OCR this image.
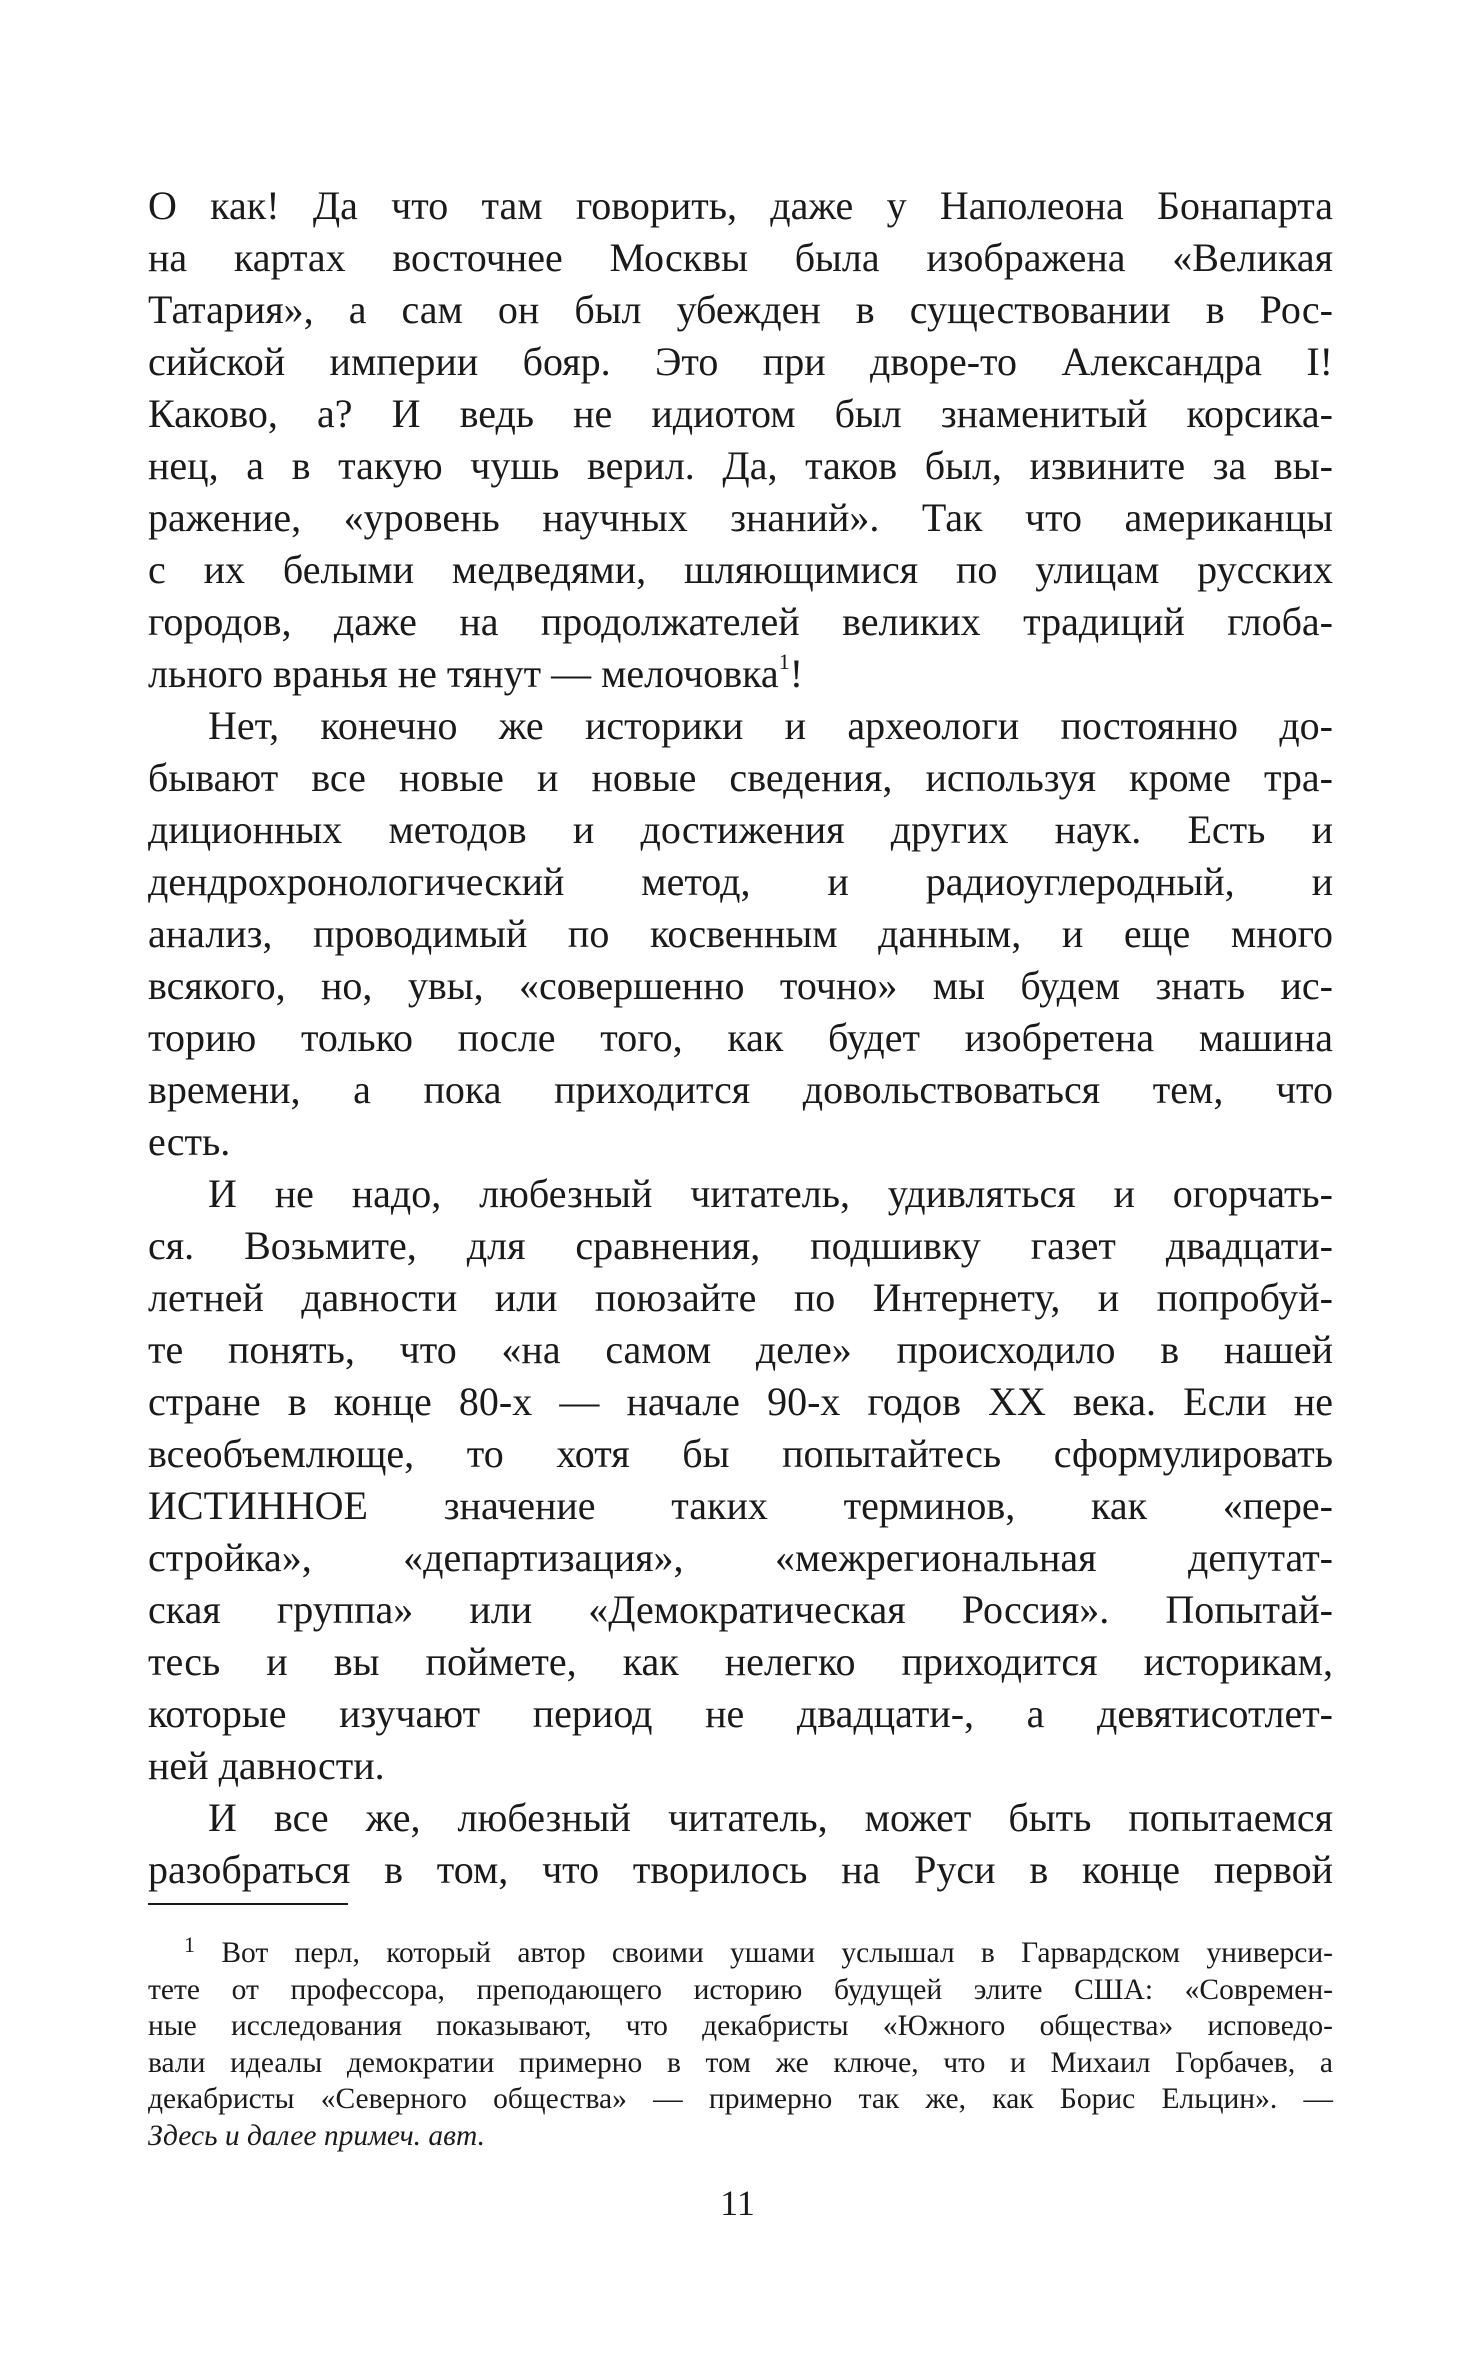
О как! Да что там говорить, даже у Наполеона Бонапарта
на картах восточнее Москвы была изображена «Великая
Татария», а сам он был убежден в существовании в Рос-
сийской империи бояр. Это при дворе-то Александра I!
Каково, а? И ведь не идиотом был знаменитый корсика-
нец, а в такую чушь верил. Да, таков был, извините за вы-
ражение, «уровень научных знаний». Так что американцы
с их белыми медведями, шляющимися по улицам русских
городов, даже на продолжателей великих традиций глоба-
льного вранья не тянут — мелочовка$^1$!
Нет, конечно же историки и археологи постоянно до-
бывают все новые и новые сведения, используя кроме тра-
диционных методов и достижения других наук. Есть и
дендрохронологический метод, и радиоуглеродный, и
анализ, проводимый по косвенным данным, и еще много
всякого, но, увы, «совершенно точно» мы будем знать ис-
торию только после того, как будет изобретена машина
времени, а пока приходится довольствоваться тем, что
есть.
И не надо, любезный читатель, удивляться и огорчать-
ся. Возьмите, для сравнения, подшивку газет двадцати-
летней давности или поюзайте по Интернету, и попробуй-
те понять, что «на самом деле» происходило в нашей
стране в конце 80-х — начале 90-х годов XX века. Если не
всеобъемлюще, то хотя бы попытайтесь сформулировать
ИСТИННОЕ значение таких терминов, как «пере-
стройка», «департизация», «межрегиональная депутат-
ская группа» или «Демократическая Россия». Попытай-
тесь и вы поймете, как нелегко приходится историкам,
которые изучают период не двадцати-, а девятисотлет-
ней давности.
И все же, любезный читатель, может быть попытаемся
разобраться в том, что творилось на Руси в конце первой
$^1$ Вот перл, который автор своими ушами услышал в Гарвардском универси-
тете от профессора, преподающего историю будущей элите США: «Современ-
ные исследования показывают, что декабристы «Южного общества» исповедо-
вали идеалы демократии примерно в том же ключе, что и Михаил Горбачев, а
декабристы «Северного общества» — примерно так же, как Борис Ельцин». —
Здесь и далее примеч. авт.
11
